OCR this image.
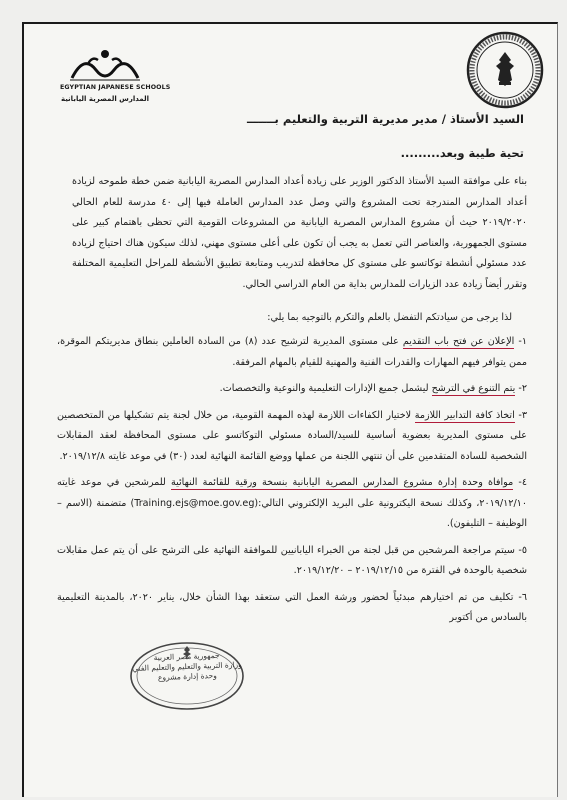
EGYPTIAN JAPANESE SCHOOLS
المدارس المصرية اليابانية
السيد الأستاذ / مدير مديرية التربية والتعليم بـــــــ
تحية طيبة وبعد.........
بناء على موافقة السيد الأستاذ الدكتور الوزير على زيادة أعداد المدارس المصرية اليابانية ضمن خطة طموحه لزيادة أعداد المدارس المندرجة تحت المشروع والتي وصل عدد المدارس العاملة فيها إلى ٤٠ مدرسة للعام الحالي ٢٠١٩/٢٠٢٠ حيث أن مشروع المدارس المصرية اليابانية من المشروعات القومية التي تحظى باهتمام كبير على مستوى الجمهورية، والعناصر التي تعمل به يجب أن تكون على أعلى مستوى مهني، لذلك سيكون هناك احتياج لزيادة عدد مسئولي أنشطة توكاتسو على مستوى كل محافظة لتدريب ومتابعة تطبيق الأنشطة للمراحل التعليمية المختلفة وتقرر أيضاً زيادة عدد الزيارات للمدارس بداية من العام الدراسي الحالي.
لذا يرجى من سيادتكم التفضل بالعلم والتكرم بالتوجيه بما يلي:
١- الإعلان عن فتح باب التقديم على مستوى المديرية لترشيح عدد (٨) من السادة العاملين بنطاق مديريتكم الموقرة، ممن يتوافر فيهم المهارات والقدرات الفنية والمهنية للقيام بالمهام المرفقة.
٢- يتم التنوع في الترشح ليشمل جميع الإدارات التعليمية والنوعية والتخصصات.
٣- اتخاذ كافة التدابير اللازمة لاختيار الكفاءات اللازمة لهذه المهمة القومية، من خلال لجنة يتم تشكيلها من المتخصصين على مستوى المديرية بعضوية أساسية للسيد/السادة مسئولي التوكاتسو على مستوى المحافظة لعقد المقابلات الشخصية للسادة المتقدمين على أن تنتهي اللجنة من عملها ووضع القائمة النهائية لعدد (٣٠) في موعد غايته ٢٠١٩/١٢/٨.
٤- موافاة وحدة إدارة مشروع المدارس المصرية اليابانية بنسخة ورقية للقائمة النهائية للمرشحين في موعد غايته ٢٠١٩/١٢/١٠، وكذلك نسخة اليكترونية على البريد الإلكتروني التالي:(Training.ejs@moe.gov.eg) متضمنة (الاسم – الوظيفة – التليفون).
٥- سيتم مراجعة المرشحين من قبل لجنة من الخبراء اليابانيين للموافقة النهائية على الترشح على أن يتم عمل مقابلات شخصية بالوحدة في الفترة من ٢٠١٩/١٢/١٥ – ٢٠١٩/١٢/٢٠.
٦- تكليف من تم اختيارهم مبدئياً لحضور ورشة العمل التي ستعقد بهذا الشأن خلال، يناير ٢٠٢٠، بالمدينة التعليمية بالسادس من أكتوبر
جمهورية مصر العربية
وزارة التربية والتعليم والتعليم الفني
وحدة إدارة مشروع
